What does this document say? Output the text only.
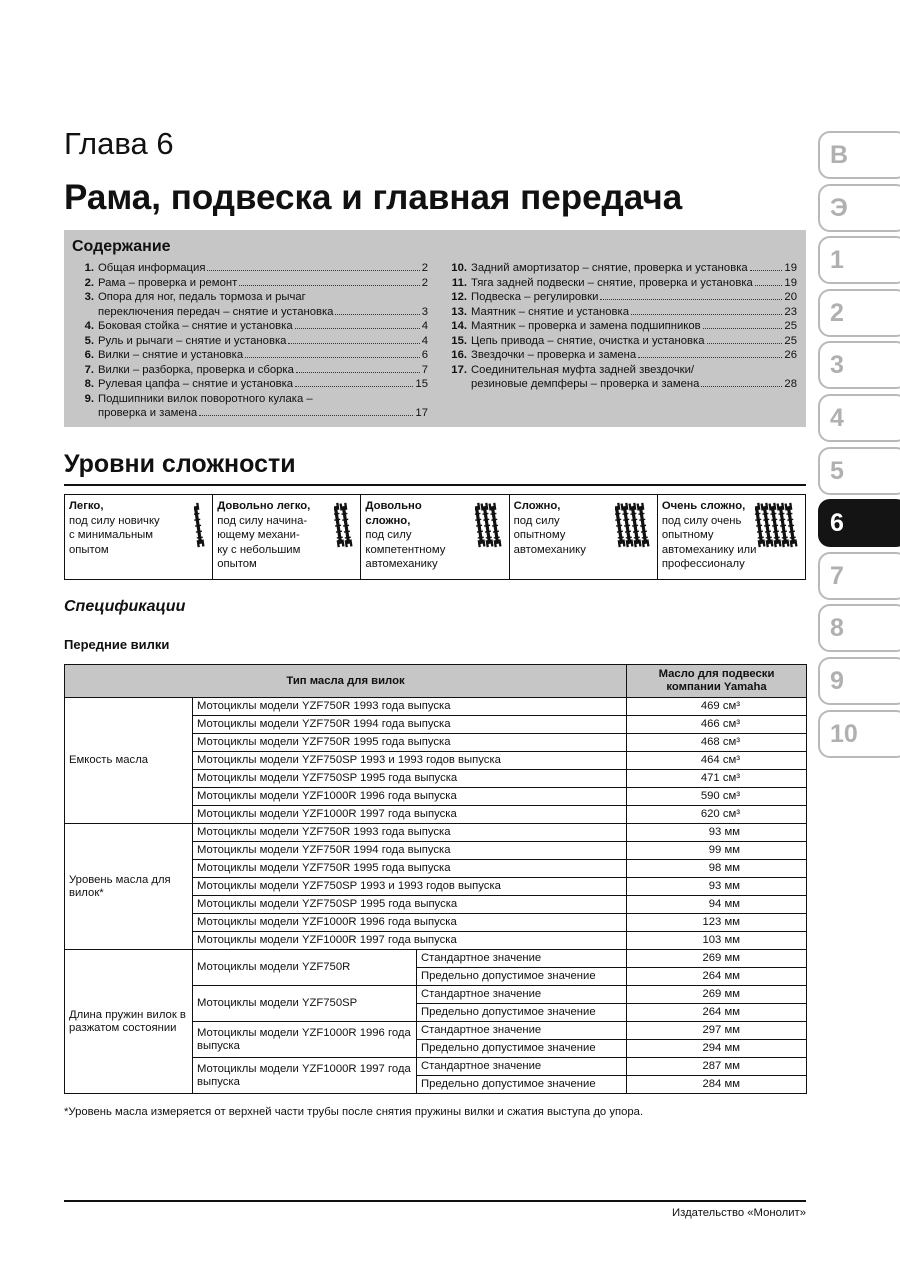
Глава 6
Рама, подвеска и главная передача
Содержание
1. Общая информация	2
2. Рама – проверка и ремонт	2
3. Опора для ног, педаль тормоза и рычаг
переключения передач – снятие и установка	3
4. Боковая стойка – снятие и установка	4
5. Руль и рычаги – снятие и установка	4
6. Вилки – снятие и установка	6
7. Вилки – разборка, проверка и сборка	7
8. Рулевая цапфа – снятие и установка	15
9. Подшипники вилок поворотного кулака –
проверка и замена	17
10. Задний амортизатор – снятие, проверка и установка	19
11. Тяга задней подвески – снятие, проверка и установка	19
12. Подвеска – регулировки	20
13. Маятник – снятие и установка	23
14. Маятник – проверка и замена подшипников	25
15. Цепь привода – снятие, очистка и установка	25
16. Звездочки – проверка и замена	26
17. Соединительная муфта задней звездочки/
резиновые демпферы – проверка и замена	28
Уровни сложности
Легко,
под силу новичку
с минимальным
опытом
Довольно легко,
под силу начина-
ющему механи-
ку с небольшим
опытом
Довольно
сложно,
под силу
компетентному
автомеханику
Сложно,
под силу
опытному
автомеханику
Очень сложно,
под силу очень
опытному
автомеханику или
профессионалу
Спецификации
Передние вилки
Тип масла для вилок			Масло для подвески компании Yamaha
Емкость масла	Мотоциклы модели YZF750R 1993 года выпуска		469 см³
	Мотоциклы модели YZF750R 1994 года выпуска		466 см³
	Мотоциклы модели YZF750R 1995 года выпуска		468 см³
	Мотоциклы модели YZF750SP 1993 и 1993 годов выпуска		464 см³
	Мотоциклы модели YZF750SP 1995 года выпуска		471 см³
	Мотоциклы модели YZF1000R 1996 года выпуска		590 см³
	Мотоциклы модели YZF1000R 1997 года выпуска		620 см³
Уровень масла для вилок*	Мотоциклы модели YZF750R 1993 года выпуска		93 мм
	Мотоциклы модели YZF750R 1994 года выпуска		99 мм
	Мотоциклы модели YZF750R 1995 года выпуска		98 мм
	Мотоциклы модели YZF750SP 1993 и 1993 годов выпуска		93 мм
	Мотоциклы модели YZF750SP 1995 года выпуска		94 мм
	Мотоциклы модели YZF1000R 1996 года выпуска		123 мм
	Мотоциклы модели YZF1000R 1997 года выпуска		103 мм
Длина пружин вилок в разжатом состоянии	Мотоциклы модели YZF750R	Стандартное значение	269 мм
		Предельно допустимое значение	264 мм
	Мотоциклы модели YZF750SP	Стандартное значение	269 мм
		Предельно допустимое значение	264 мм
	Мотоциклы модели YZF1000R 1996 года выпуска	Стандартное значение	297 мм
		Предельно допустимое значение	294 мм
	Мотоциклы модели YZF1000R 1997 года выпуска	Стандартное значение	287 мм
		Предельно допустимое значение	284 мм

*Уровень масла измеряется от верхней части трубы после снятия пружины вилки и сжатия выступа до упора.

Издательство «Монолит»
В
Э
1
2
3
4
5
6
7
8
9
10
